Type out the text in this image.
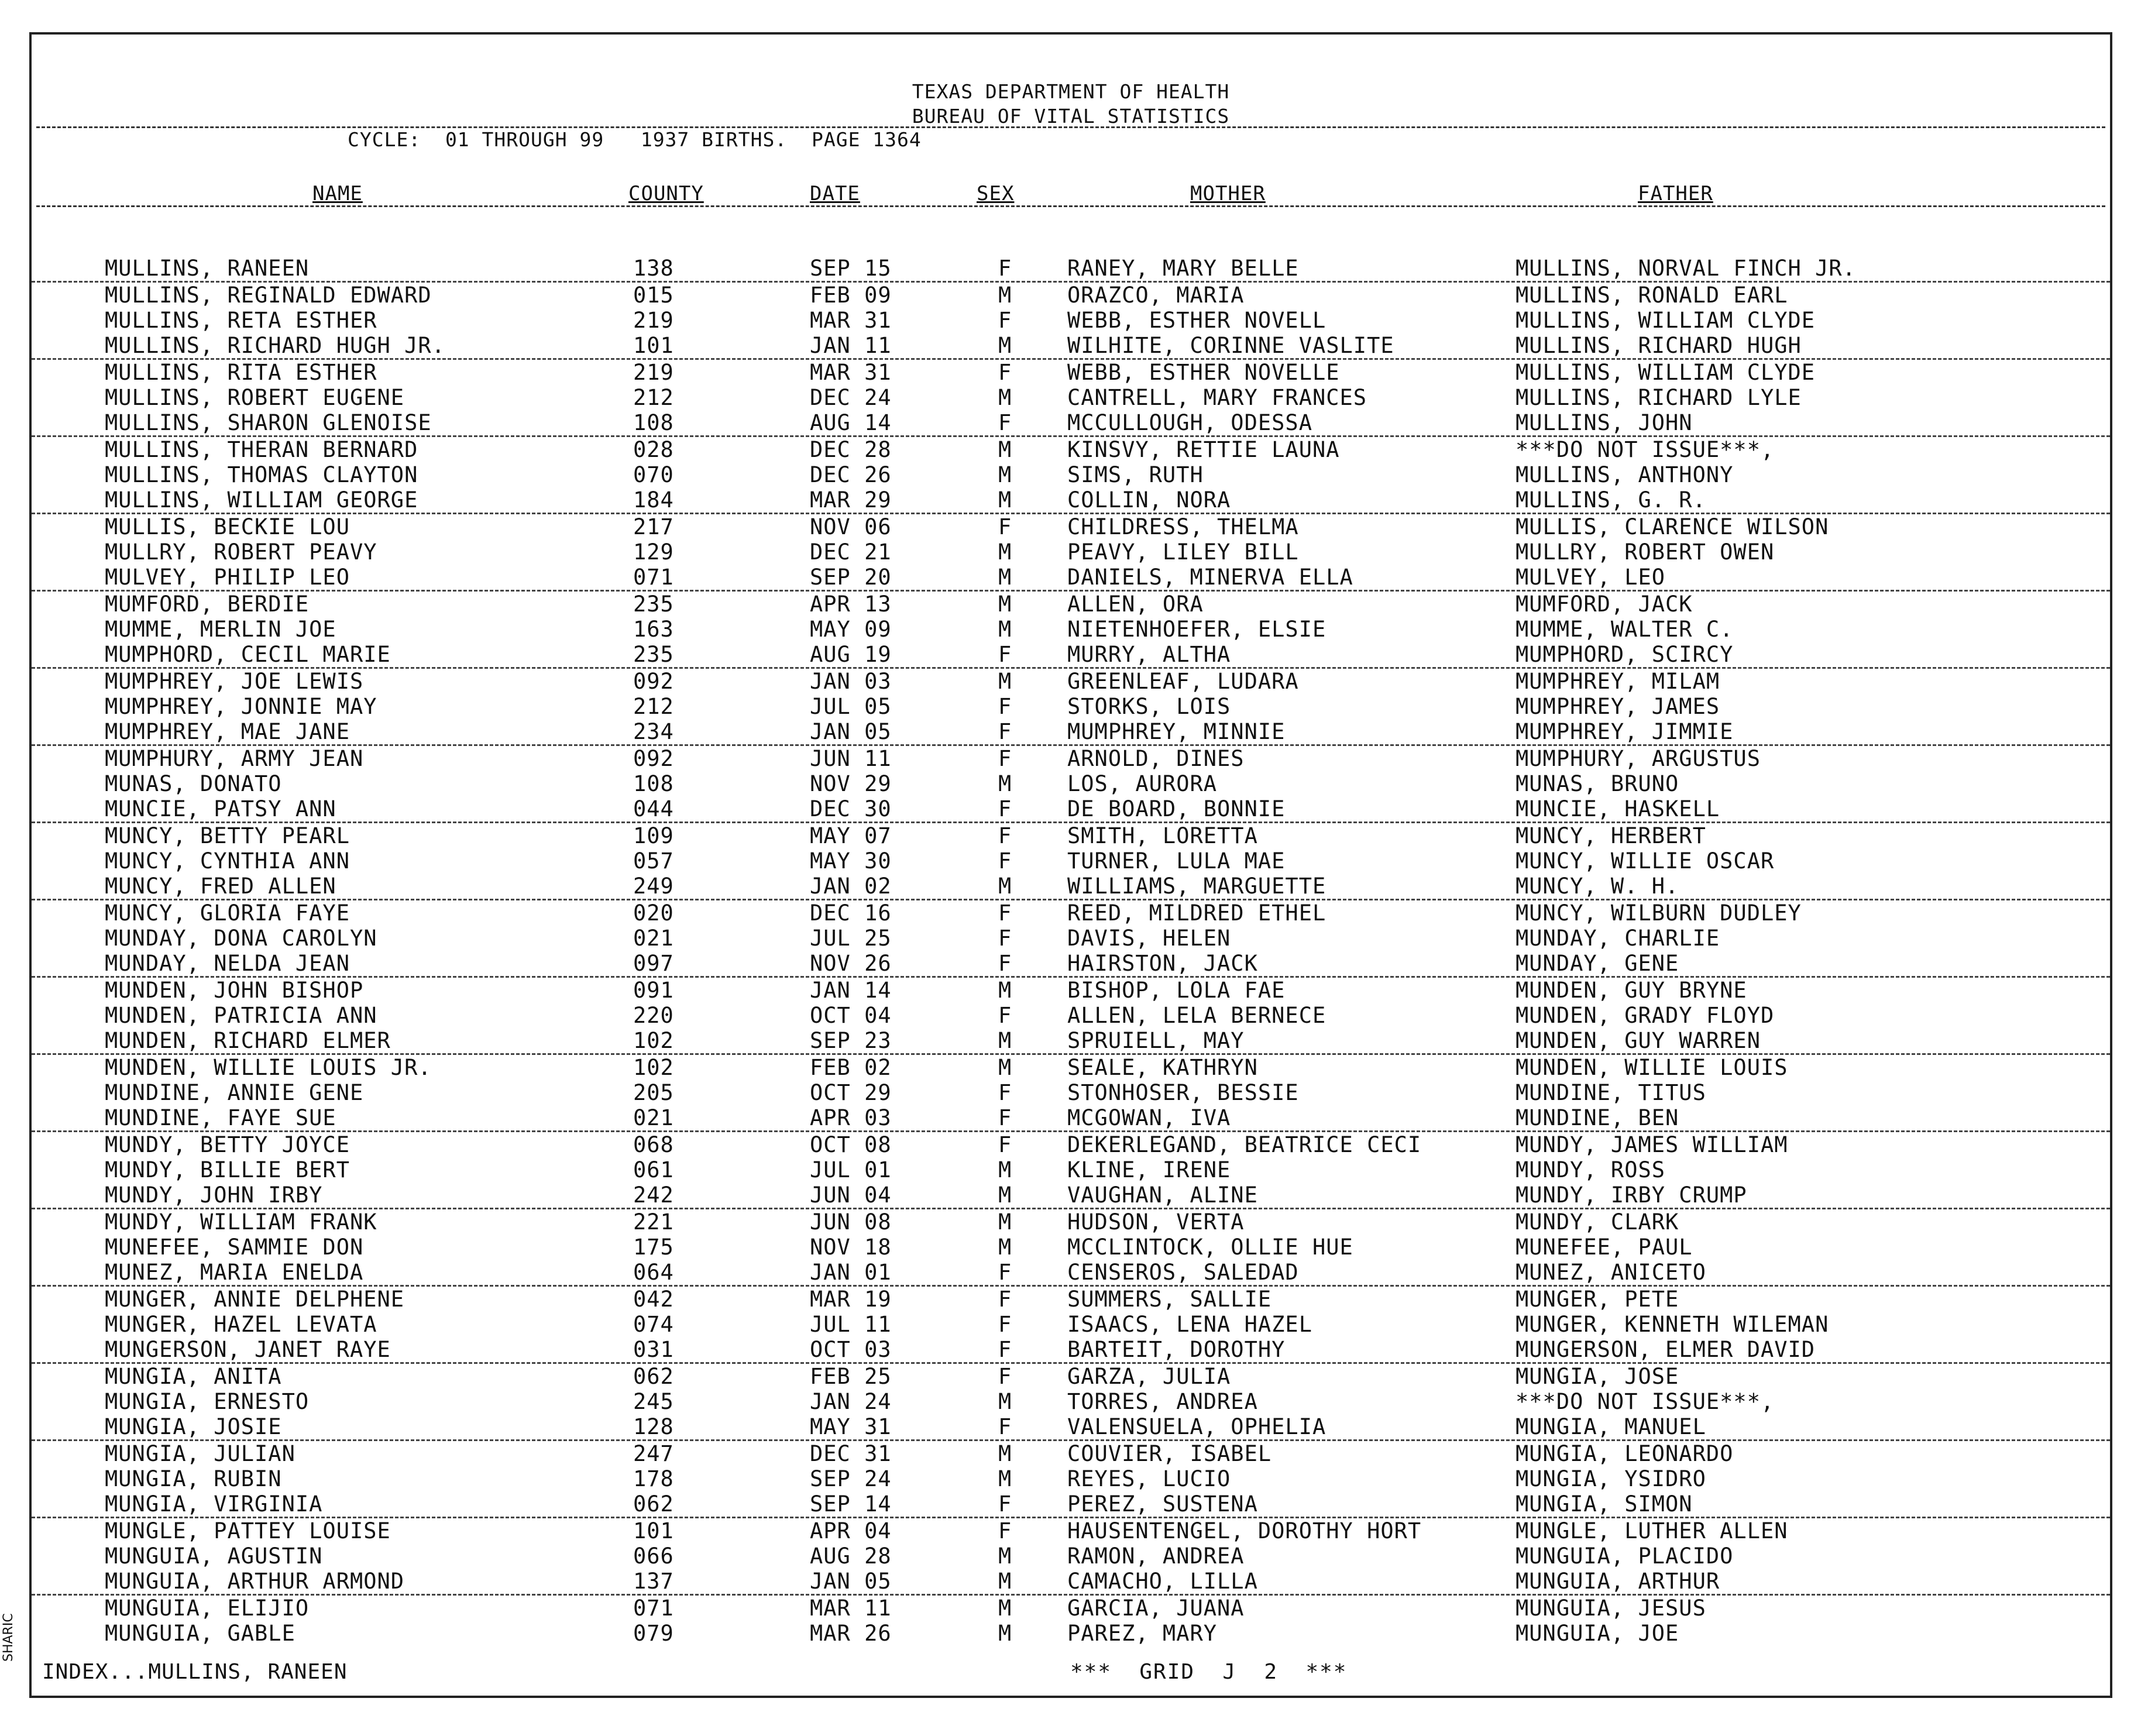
SHARIC
TEXAS DEPARTMENT OF HEALTH
BUREAU OF VITAL STATISTICS
CYCLE:  01 THROUGH 99   1937 BIRTHS.  PAGE 1364
NAME	COUNTY	DATE	SEX	MOTHER	FATHER
MULLINS, RANEEN	138	SEP 15	F	RANEY, MARY BELLE	MULLINS, NORVAL FINCH JR.
MULLINS, REGINALD EDWARD	015	FEB 09	M	ORAZCO, MARIA	MULLINS, RONALD EARL
MULLINS, RETA ESTHER	219	MAR 31	F	WEBB, ESTHER NOVELL	MULLINS, WILLIAM CLYDE
MULLINS, RICHARD HUGH JR.	101	JAN 11	M	WILHITE, CORINNE VASLITE	MULLINS, RICHARD HUGH
MULLINS, RITA ESTHER	219	MAR 31	F	WEBB, ESTHER NOVELLE	MULLINS, WILLIAM CLYDE
MULLINS, ROBERT EUGENE	212	DEC 24	M	CANTRELL, MARY FRANCES	MULLINS, RICHARD LYLE
MULLINS, SHARON GLENOISE	108	AUG 14	F	MCCULLOUGH, ODESSA	MULLINS, JOHN
MULLINS, THERAN BERNARD	028	DEC 28	M	KINSVY, RETTIE LAUNA	***DO NOT ISSUE***,
MULLINS, THOMAS CLAYTON	070	DEC 26	M	SIMS, RUTH	MULLINS, ANTHONY
MULLINS, WILLIAM GEORGE	184	MAR 29	M	COLLIN, NORA	MULLINS, G. R.
MULLIS, BECKIE LOU	217	NOV 06	F	CHILDRESS, THELMA	MULLIS, CLARENCE WILSON
MULLRY, ROBERT PEAVY	129	DEC 21	M	PEAVY, LILEY BILL	MULLRY, ROBERT OWEN
MULVEY, PHILIP LEO	071	SEP 20	M	DANIELS, MINERVA ELLA	MULVEY, LEO
MUMFORD, BERDIE	235	APR 13	M	ALLEN, ORA	MUMFORD, JACK
MUMME, MERLIN JOE	163	MAY 09	M	NIETENHOEFER, ELSIE	MUMME, WALTER C.
MUMPHORD, CECIL MARIE	235	AUG 19	F	MURRY, ALTHA	MUMPHORD, SCIRCY
MUMPHREY, JOE LEWIS	092	JAN 03	M	GREENLEAF, LUDARA	MUMPHREY, MILAM
MUMPHREY, JONNIE MAY	212	JUL 05	F	STORKS, LOIS	MUMPHREY, JAMES
MUMPHREY, MAE JANE	234	JAN 05	F	MUMPHREY, MINNIE	MUMPHREY, JIMMIE
MUMPHURY, ARMY JEAN	092	JUN 11	F	ARNOLD, DINES	MUMPHURY, ARGUSTUS
MUNAS, DONATO	108	NOV 29	M	LOS, AURORA	MUNAS, BRUNO
MUNCIE, PATSY ANN	044	DEC 30	F	DE BOARD, BONNIE	MUNCIE, HASKELL
MUNCY, BETTY PEARL	109	MAY 07	F	SMITH, LORETTA	MUNCY, HERBERT
MUNCY, CYNTHIA ANN	057	MAY 30	F	TURNER, LULA MAE	MUNCY, WILLIE OSCAR
MUNCY, FRED ALLEN	249	JAN 02	M	WILLIAMS, MARGUETTE	MUNCY, W. H.
MUNCY, GLORIA FAYE	020	DEC 16	F	REED, MILDRED ETHEL	MUNCY, WILBURN DUDLEY
MUNDAY, DONA CAROLYN	021	JUL 25	F	DAVIS, HELEN	MUNDAY, CHARLIE
MUNDAY, NELDA JEAN	097	NOV 26	F	HAIRSTON, JACK	MUNDAY, GENE
MUNDEN, JOHN BISHOP	091	JAN 14	M	BISHOP, LOLA FAE	MUNDEN, GUY BRYNE
MUNDEN, PATRICIA ANN	220	OCT 04	F	ALLEN, LELA BERNECE	MUNDEN, GRADY FLOYD
MUNDEN, RICHARD ELMER	102	SEP 23	M	SPRUIELL, MAY	MUNDEN, GUY WARREN
MUNDEN, WILLIE LOUIS JR.	102	FEB 02	M	SEALE, KATHRYN	MUNDEN, WILLIE LOUIS
MUNDINE, ANNIE GENE	205	OCT 29	F	STONHOSER, BESSIE	MUNDINE, TITUS
MUNDINE, FAYE SUE	021	APR 03	F	MCGOWAN, IVA	MUNDINE, BEN
MUNDY, BETTY JOYCE	068	OCT 08	F	DEKERLEGAND, BEATRICE CECI	MUNDY, JAMES WILLIAM
MUNDY, BILLIE BERT	061	JUL 01	M	KLINE, IRENE	MUNDY, ROSS
MUNDY, JOHN IRBY	242	JUN 04	M	VAUGHAN, ALINE	MUNDY, IRBY CRUMP
MUNDY, WILLIAM FRANK	221	JUN 08	M	HUDSON, VERTA	MUNDY, CLARK
MUNEFEE, SAMMIE DON	175	NOV 18	M	MCCLINTOCK, OLLIE HUE	MUNEFEE, PAUL
MUNEZ, MARIA ENELDA	064	JAN 01	F	CENSEROS, SALEDAD	MUNEZ, ANICETO
MUNGER, ANNIE DELPHENE	042	MAR 19	F	SUMMERS, SALLIE	MUNGER, PETE
MUNGER, HAZEL LEVATA	074	JUL 11	F	ISAACS, LENA HAZEL	MUNGER, KENNETH WILEMAN
MUNGERSON, JANET RAYE	031	OCT 03	F	BARTEIT, DOROTHY	MUNGERSON, ELMER DAVID
MUNGIA, ANITA	062	FEB 25	F	GARZA, JULIA	MUNGIA, JOSE
MUNGIA, ERNESTO	245	JAN 24	M	TORRES, ANDREA	***DO NOT ISSUE***,
MUNGIA, JOSIE	128	MAY 31	F	VALENSUELA, OPHELIA	MUNGIA, MANUEL
MUNGIA, JULIAN	247	DEC 31	M	COUVIER, ISABEL	MUNGIA, LEONARDO
MUNGIA, RUBIN	178	SEP 24	M	REYES, LUCIO	MUNGIA, YSIDRO
MUNGIA, VIRGINIA	062	SEP 14	F	PEREZ, SUSTENA	MUNGIA, SIMON
MUNGLE, PATTEY LOUISE	101	APR 04	F	HAUSENTENGEL, DOROTHY HORT	MUNGLE, LUTHER ALLEN
MUNGUIA, AGUSTIN	066	AUG 28	M	RAMON, ANDREA	MUNGUIA, PLACIDO
MUNGUIA, ARTHUR ARMOND	137	JAN 05	M	CAMACHO, LILLA	MUNGUIA, ARTHUR
MUNGUIA, ELIJIO	071	MAR 11	M	GARCIA, JUANA	MUNGUIA, JESUS
MUNGUIA, GABLE	079	MAR 26	M	PAREZ, MARY	MUNGUIA, JOE
INDEX...MULLINS, RANEEN	***  GRID  J  2  ***
